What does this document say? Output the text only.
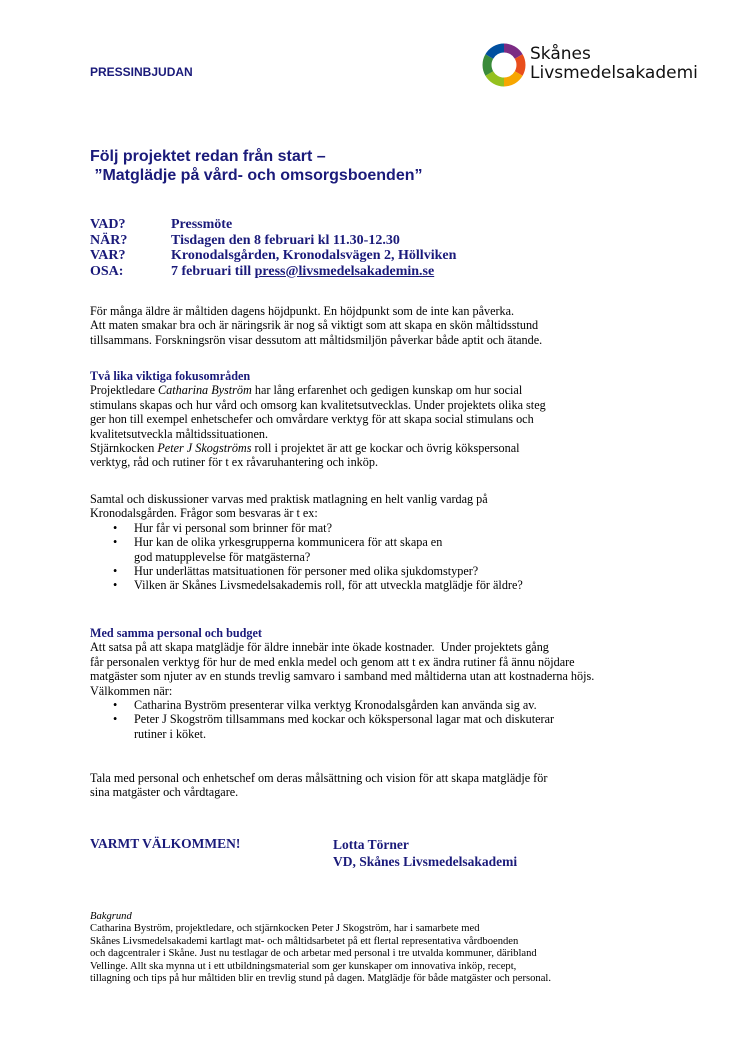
PRESSINBJUDAN
Skånes
Livsmedelsakademi
Följ projektet redan från start –
”Matglädje på vård- och omsorgsboenden”
VAD?	Pressmöte
NÄR?	Tisdagen den 8 februari kl 11.30-12.30
VAR?	Kronodalsgården, Kronodalsvägen 2, Höllviken
OSA:	7 februari till press@livsmedelsakademin.se

För många äldre är måltiden dagens höjdpunkt. En höjdpunkt som de inte kan påverka.

Att maten smakar bra och är näringsrik är nog så viktigt som att skapa en skön måltidsstund

tillsammans. Forskningsrön visar dessutom att måltidsmiljön påverkar både aptit och ätande.

Två lika viktiga fokusområden

Projektledare Catharina Byström har lång erfarenhet och gedigen kunskap om hur social

stimulans skapas och hur vård och omsorg kan kvalitetsutvecklas. Under projektets olika steg

ger hon till exempel enhetschefer och omvårdare verktyg för att skapa social stimulans och

kvalitetsutveckla måltidssituationen.

Stjärnkocken Peter J Skogströms roll i projektet är att ge kockar och övrig kökspersonal

verktyg, råd och rutiner för t ex råvaruhantering och inköp.

Samtal och diskussioner varvas med praktisk matlagning en helt vanlig vardag på

Kronodalsgården. Frågor som besvaras är t ex:

• Hur får vi personal som brinner för mat?
• Hur kan de olika yrkesgrupperna kommunicera för att skapa en
god matupplevelse för matgästerna?
• Hur underlättas matsituationen för personer med olika sjukdomstyper?
• Vilken är Skånes Livsmedelsakademis roll, för att utveckla matglädje för äldre?
Med samma personal och budget

Att satsa på att skapa matglädje för äldre innebär inte ökade kostnader.  Under projektets gång

får personalen verktyg för hur de med enkla medel och genom att t ex ändra rutiner få ännu nöjdare

matgäster som njuter av en stunds trevlig samvaro i samband med måltiderna utan att kostnaderna höjs.

Välkommen när:

• Catharina Byström presenterar vilka verktyg Kronodalsgården kan använda sig av.
• Peter J Skogström tillsammans med kockar och kökspersonal lagar mat och diskuterar
rutiner i köket.

Tala med personal och enhetschef om deras målsättning och vision för att skapa matglädje för

sina matgäster och vårdtagare.

VARMT VÄLKOMMEN!	Lotta Törner
VD, Skånes Livsmedelsakademi
Bakgrund
Catharina Byström, projektledare, och stjärnkocken Peter J Skogström, har i samarbete med
Skånes Livsmedelsakademi kartlagt mat- och måltidsarbetet på ett flertal representativa vårdboenden
och dagcentraler i Skåne. Just nu testlagar de och arbetar med personal i tre utvalda kommuner, däribland
Vellinge. Allt ska mynna ut i ett utbildningsmaterial som ger kunskaper om innovativa inköp, recept,
tillagning och tips på hur måltiden blir en trevlig stund på dagen. Matglädje för både matgäster och personal.
